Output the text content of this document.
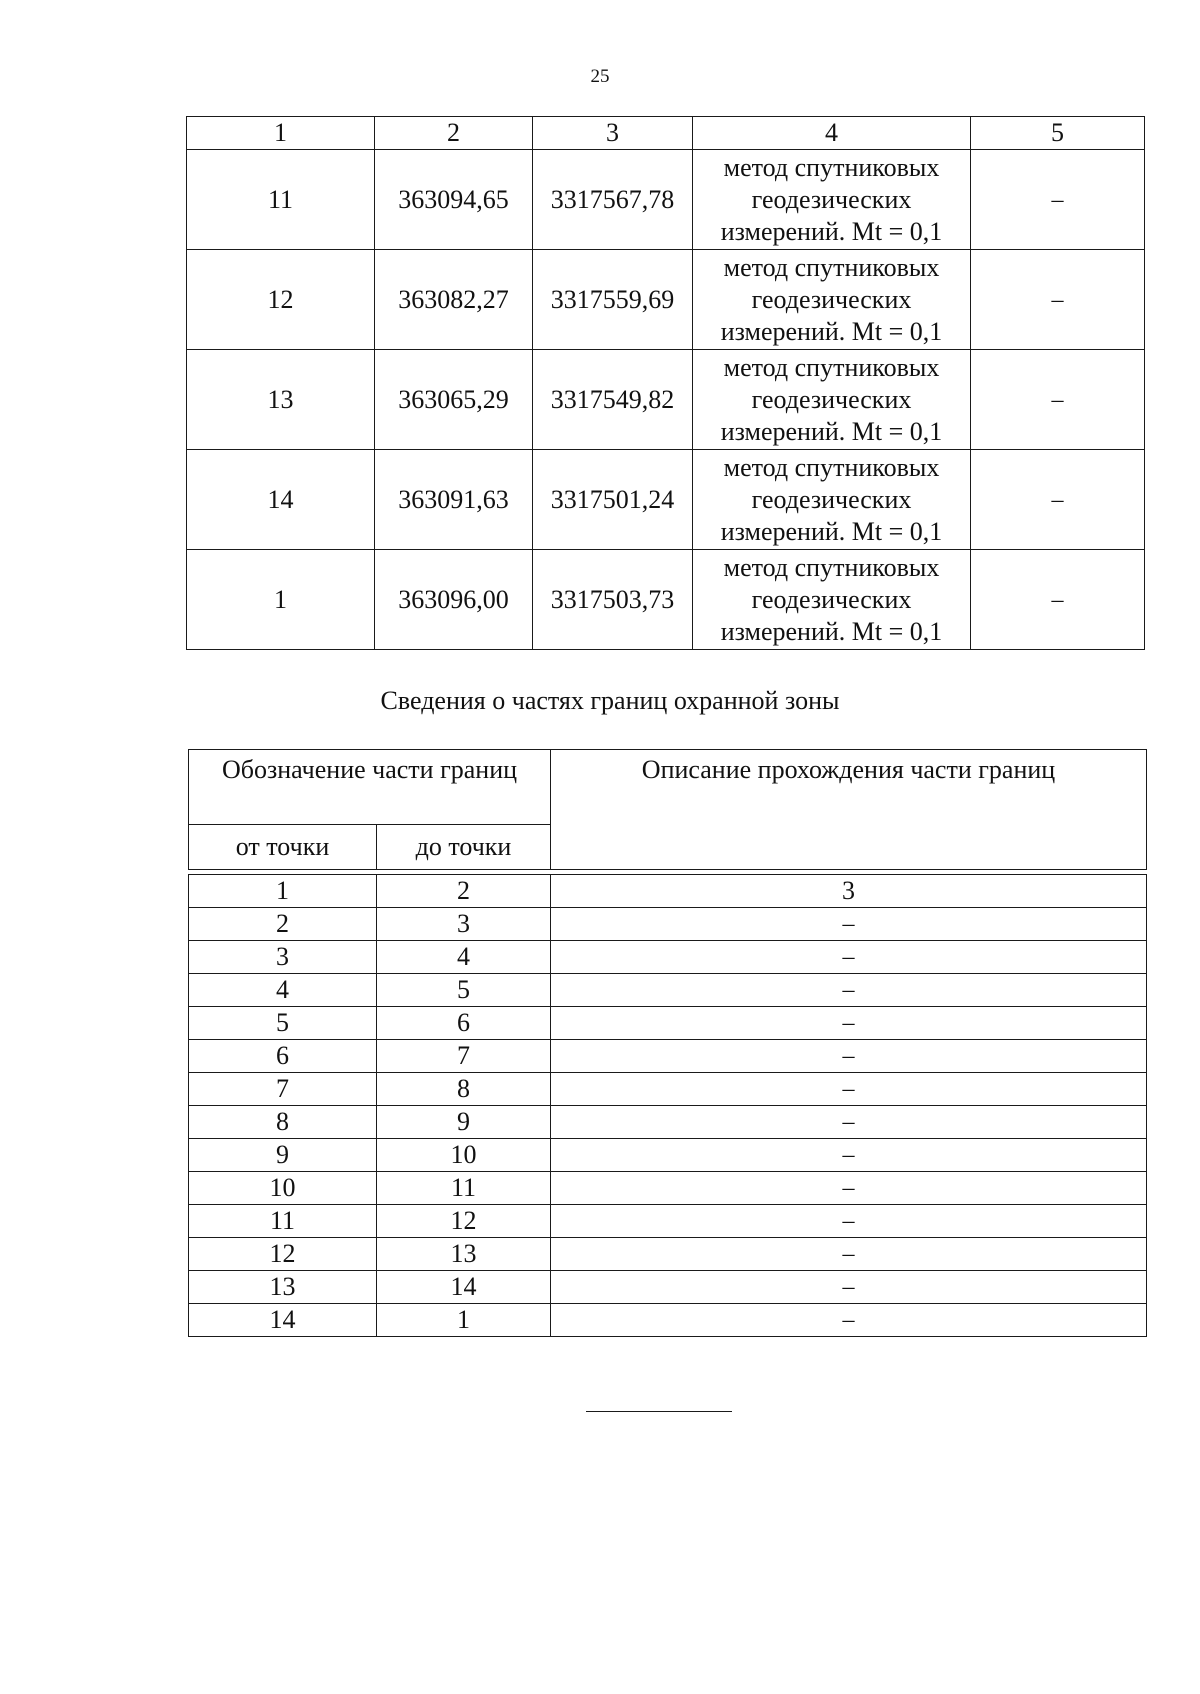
25
1	2	3	4	5
11	363094,65	3317567,78	метод спутниковых
геодезических
измерений. Mt = 0,1	–
12	363082,27	3317559,69	метод спутниковых
геодезических
измерений. Mt = 0,1	–
13	363065,29	3317549,82	метод спутниковых
геодезических
измерений. Mt = 0,1	–
14	363091,63	3317501,24	метод спутниковых
геодезических
измерений. Mt = 0,1	–
1	363096,00	3317503,73	метод спутниковых
геодезических
измерений. Mt = 0,1	–
Сведения о частях границ охранной зоны
Обозначение части границ		Описание прохождения части границ
от точки	до точки	

1	2	3
2	3	–
3	4	–
4	5	–
5	6	–
6	7	–
7	8	–
8	9	–
9	10	–
10	11	–
11	12	–
12	13	–
13	14	–
14	1	–
